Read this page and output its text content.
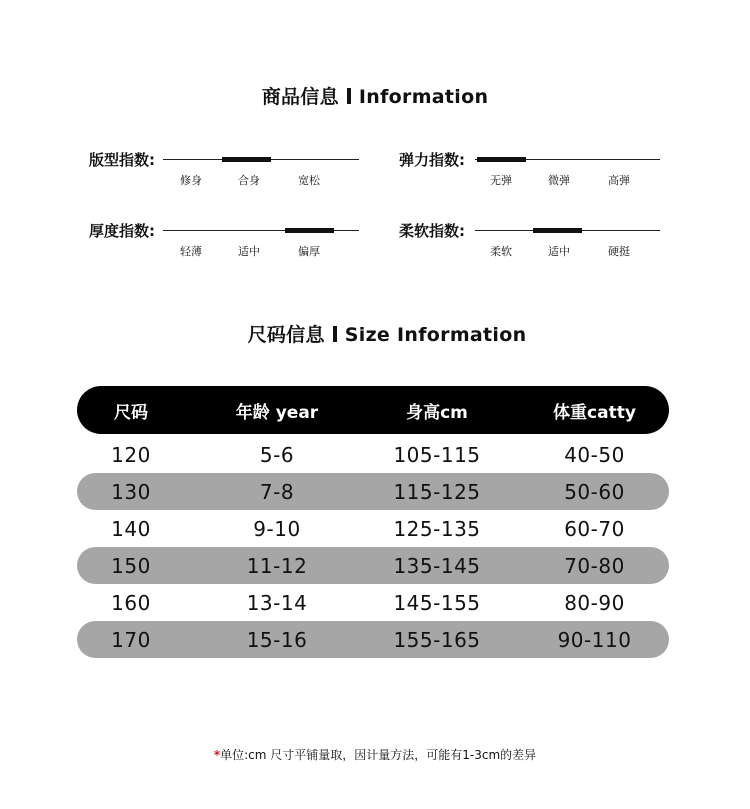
商品信息 Information
版型指数:
修身	合身	宽松
弹力指数:
无弹	微弹	高弹
厚度指数:
轻薄	适中	偏厚
柔软指数:
柔软	适中	硬挺
尺码信息 Size Information
尺码	年龄 year	身高cm	体重catty
120	5-6	105-115	40-50
130	7-8	115-125	50-60
140	9-10	125-135	60-70
150	11-12	135-145	70-80
160	13-14	145-155	80-90
170	15-16	155-165	90-110
*单位:cm 尺寸平铺量取，因计量方法，可能有1-3cm的差异
